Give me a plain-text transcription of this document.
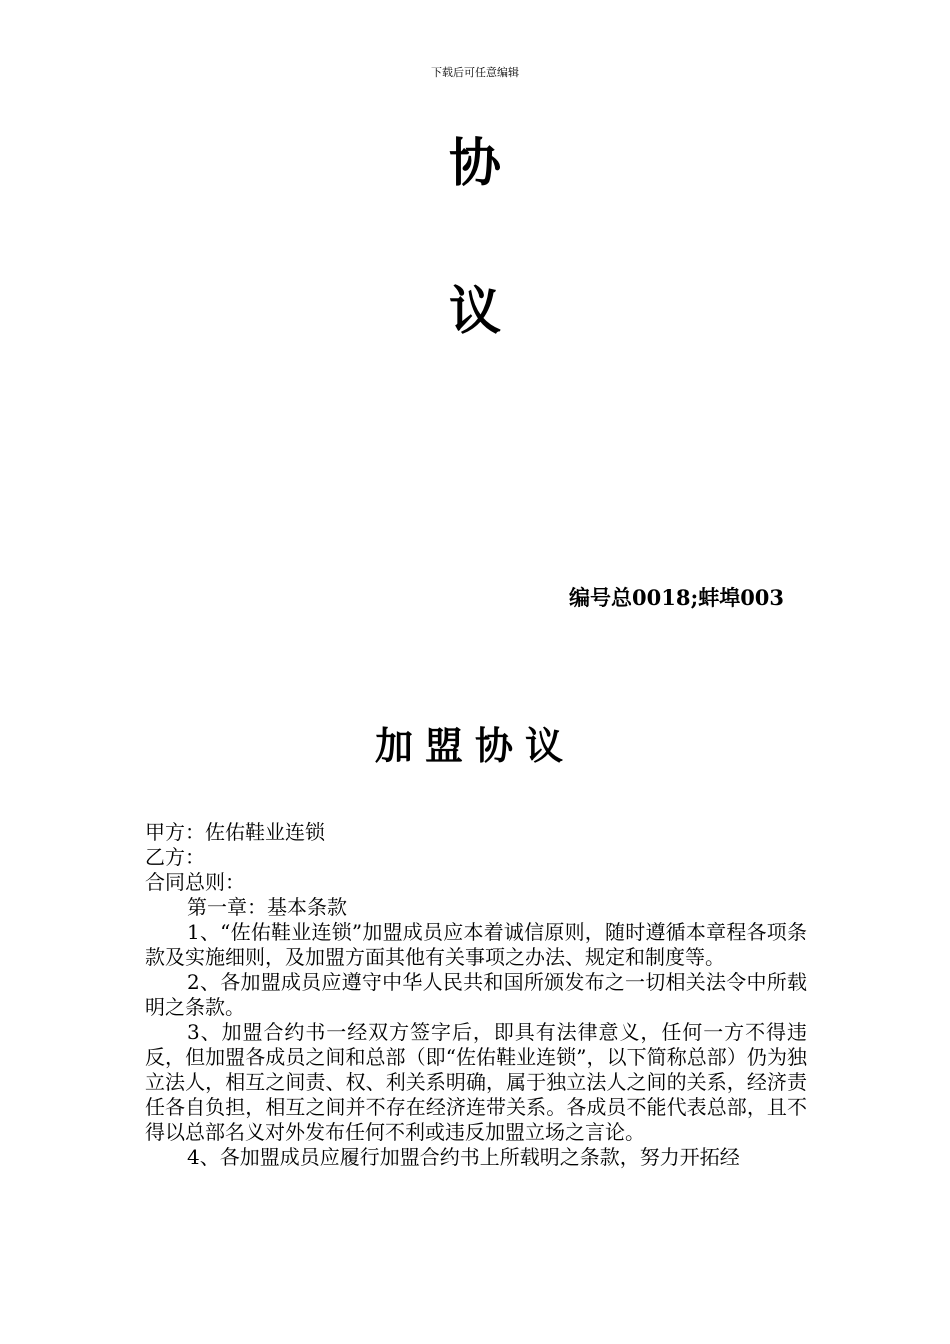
下载后可任意编辑
协
议
编号总0018;蚌埠003
加盟协议

甲方：佐佑鞋业连锁

乙方：

合同总则：

第一章：基本条款

1、“佐佑鞋业连锁”加盟成员应本着诚信原则，随时遵循本章程各项条款及实施细则，及加盟方面其他有关事项之办法、规定和制度等。

2、各加盟成员应遵守中华人民共和国所颁发布之一切相关法令中所载明之条款。

3、加盟合约书一经双方签字后，即具有法律意义，任何一方不得违反，但加盟各成员之间和总部（即“佐佑鞋业连锁”，以下简称总部）仍为独立法人，相互之间责、权、利关系明确，属于独立法人之间的关系，经济责任各自负担，相互之间并不存在经济连带关系。各成员不能代表总部，且不得以总部名义对外发布任何不利或违反加盟立场之言论。

4、各加盟成员应履行加盟合约书上所载明之条款，努力开拓经
